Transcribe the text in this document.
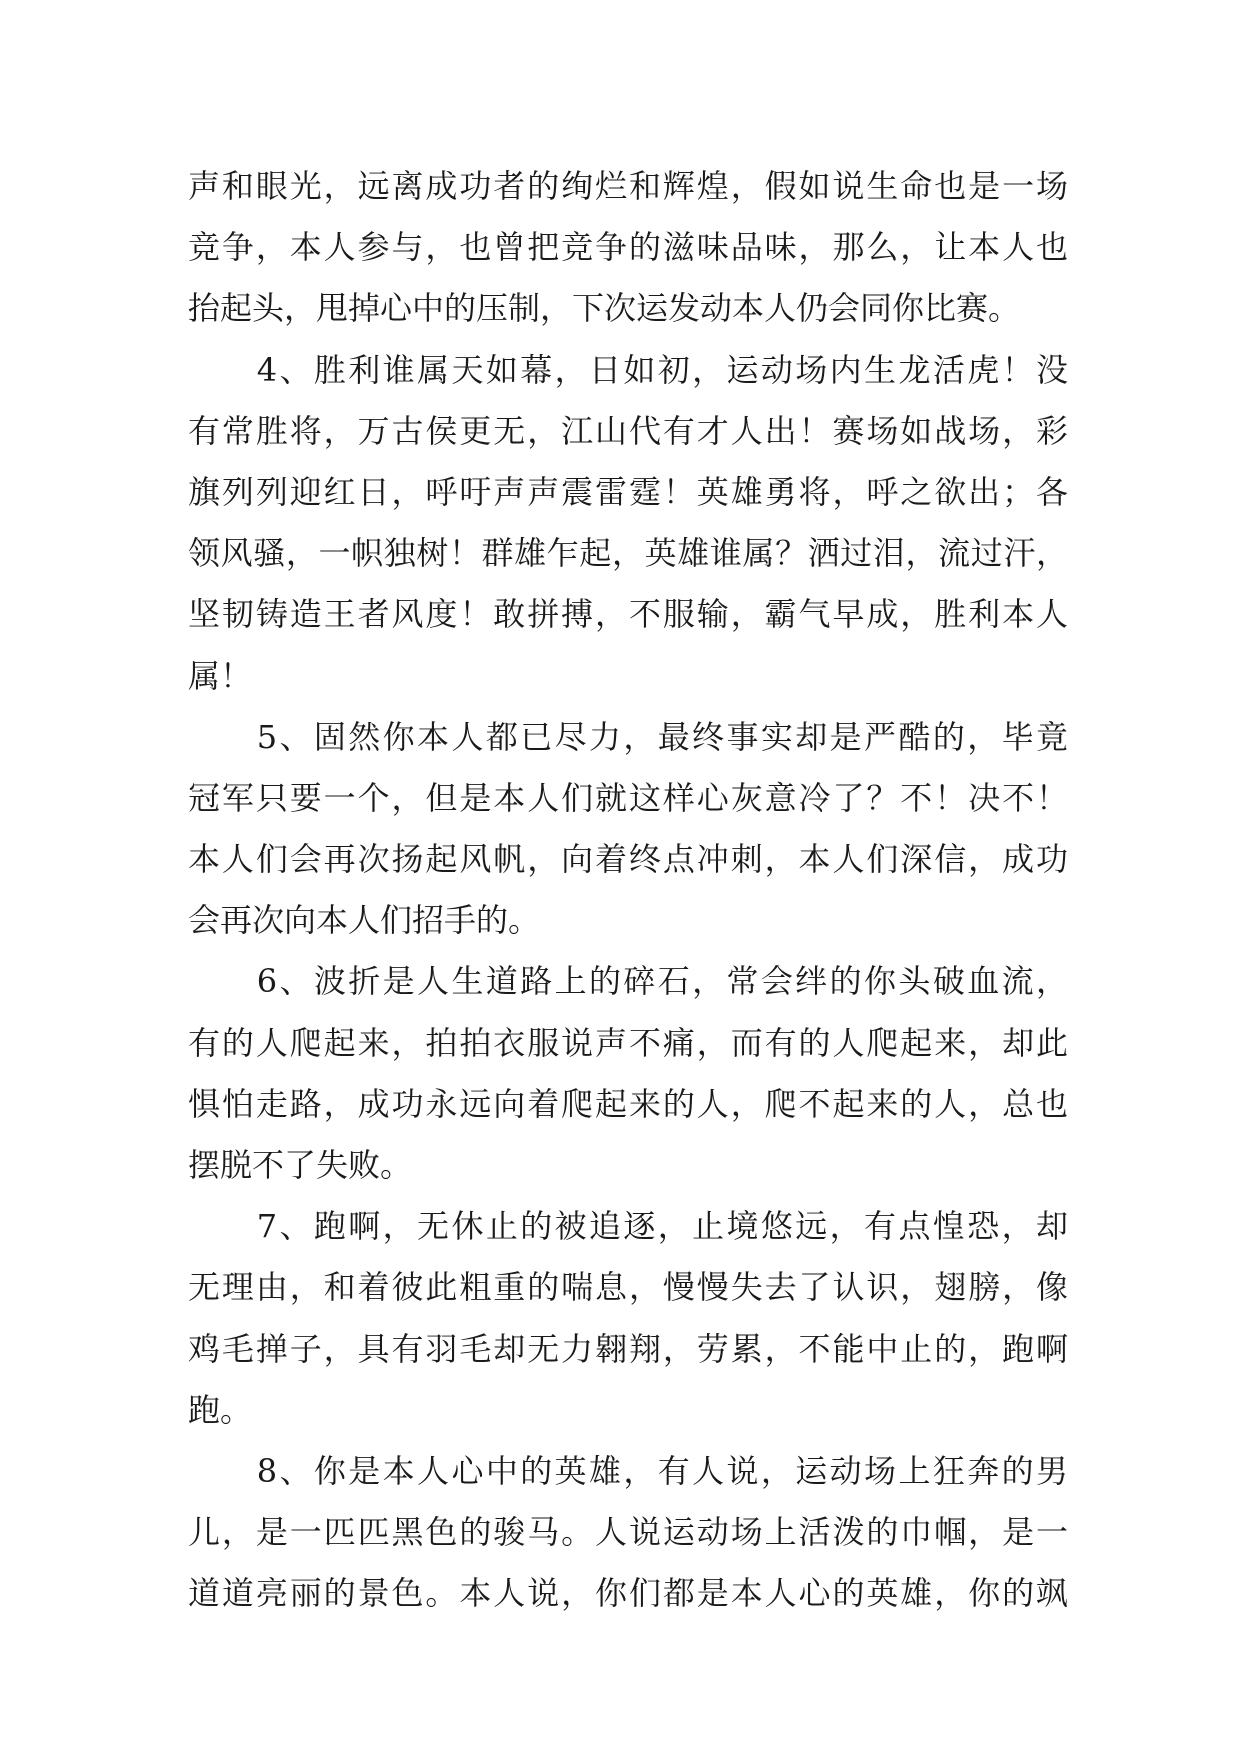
声和眼光，远离成功者的绚烂和辉煌，假如说生命也是一场
竞争，本人参与，也曾把竞争的滋味品味，那么，让本人也
抬起头，甩掉心中的压制，下次运发动本人仍会同你比赛。
　　4、胜利谁属天如幕，日如初，运动场内生龙活虎！没
有常胜将，万古侯更无，江山代有才人出！赛场如战场，彩
旗列列迎红日，呼吁声声震雷霆！英雄勇将，呼之欲出；各
领风骚，一帜独树！群雄乍起，英雄谁属？洒过泪，流过汗，
坚韧铸造王者风度！敢拼搏，不服输，霸气早成，胜利本人
属！
　　5、固然你本人都已尽力，最终事实却是严酷的，毕竟
冠军只要一个，但是本人们就这样心灰意冷了？不！决不！
本人们会再次扬起风帆，向着终点冲刺，本人们深信，成功
会再次向本人们招手的。
　　6、波折是人生道路上的碎石，常会绊的你头破血流，
有的人爬起来，拍拍衣服说声不痛，而有的人爬起来，却此
惧怕走路，成功永远向着爬起来的人，爬不起来的人，总也
摆脱不了失败。
　　7、跑啊，无休止的被追逐，止境悠远，有点惶恐，却
无理由，和着彼此粗重的喘息，慢慢失去了认识，翅膀，像
鸡毛掸子，具有羽毛却无力翱翔，劳累，不能中止的，跑啊
跑。
　　8、你是本人心中的英雄，有人说，运动场上狂奔的男
儿，是一匹匹黑色的骏马。人说运动场上活泼的巾帼，是一
道道亮丽的景色。本人说，你们都是本人心的英雄，你的飒
